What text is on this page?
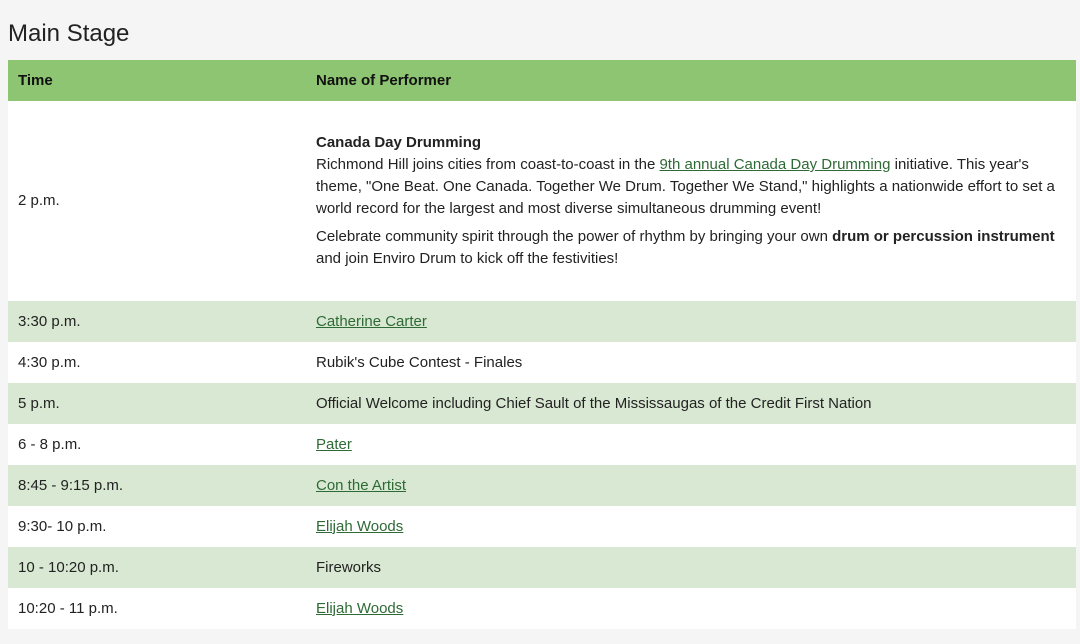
Main Stage
Time	Name of Performer
2 p.m.	Canada Day Drumming

Richmond Hill joins cities from coast-to-coast in the 9th annual Canada Day Drumming initiative. This year's theme, "One Beat. One Canada. Together We Drum. Together We Stand," highlights a nationwide effort to set a world record for the largest and most diverse simultaneous drumming event!

Celebrate community spirit through the power of rhythm by bringing your own drum or percussion instrument and join Enviro Drum to kick off the festivities!

3:30 p.m.	Catherine Carter
4:30 p.m.	Rubik's Cube Contest - Finales
5 p.m.	Official Welcome including Chief Sault of the Mississaugas of the Credit First Nation
6 - 8 p.m.	Pater
8:45 - 9:15 p.m.	Con the Artist
9:30- 10 p.m.	Elijah Woods
10 - 10:20 p.m.	Fireworks
10:20 - 11 p.m.	Elijah Woods
